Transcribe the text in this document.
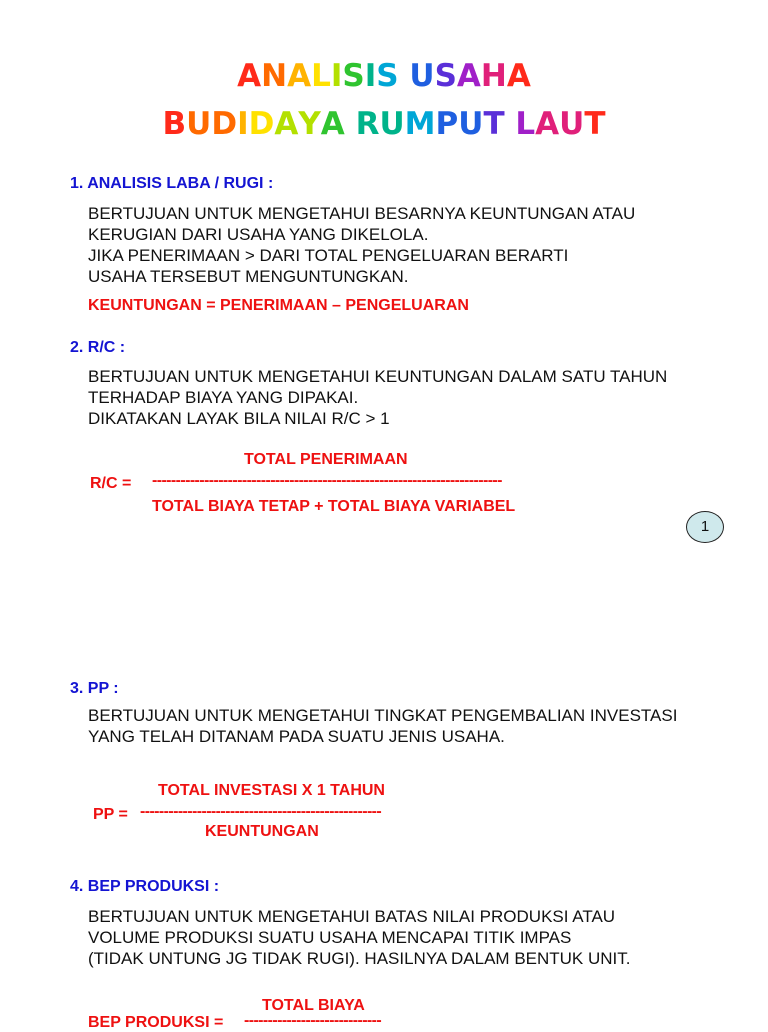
ANALISIS USAHA
BUDIDAYA RUMPUT LAUT
1. ANALISIS LABA / RUGI :
BERTUJUAN UNTUK MENGETAHUI BESARNYA KEUNTUNGAN ATAU
KERUGIAN DARI USAHA YANG DIKELOLA.
JIKA PENERIMAAN > DARI TOTAL PENGELUARAN BERARTI
USAHA TERSEBUT MENGUNTUNGKAN.
KEUNTUNGAN = PENERIMAAN – PENGELUARAN
2. R/C :
BERTUJUAN UNTUK MENGETAHUI KEUNTUNGAN DALAM SATU TAHUN
TERHADAP BIAYA YANG DIPAKAI.
DIKATAKAN LAYAK BILA NILAI R/C > 1
TOTAL PENERIMAAN
R/C = --------------------------------------------------------------------------
TOTAL BIAYA TETAP + TOTAL BIAYA VARIABEL
1
3. PP :
BERTUJUAN UNTUK MENGETAHUI TINGKAT PENGEMBALIAN INVESTASI
YANG TELAH DITANAM PADA SUATU JENIS USAHA.
TOTAL INVESTASI X 1 TAHUN
PP = ---------------------------------------------------
KEUNTUNGAN
4. BEP PRODUKSI :
BERTUJUAN UNTUK MENGETAHUI BATAS NILAI PRODUKSI ATAU
VOLUME PRODUKSI SUATU USAHA MENCAPAI TITIK IMPAS
(TIDAK UNTUNG JG TIDAK RUGI). HASILNYA DALAM BENTUK UNIT.
TOTAL BIAYA
BEP PRODUKSI = -----------------------------
